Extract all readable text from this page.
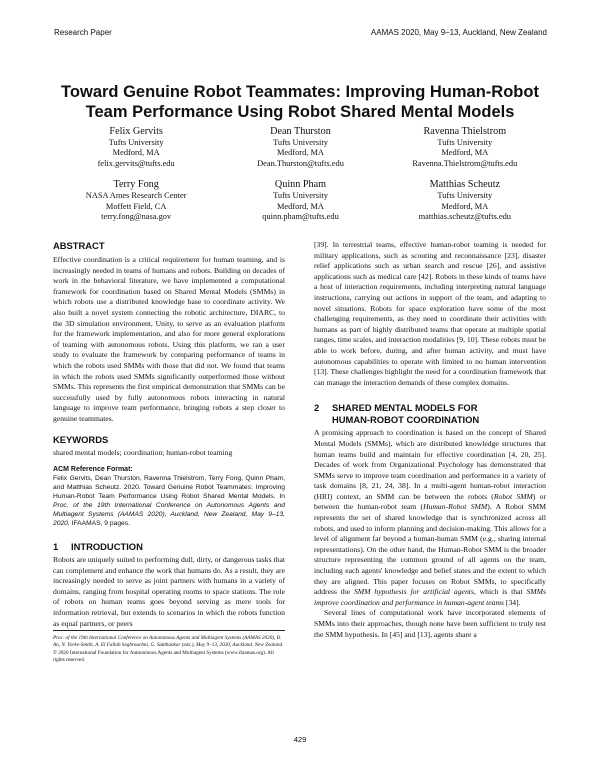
Research Paper	AAMAS 2020, May 9–13, Auckland, New Zealand
Toward Genuine Robot Teammates: Improving Human-Robot Team Performance Using Robot Shared Mental Models
Felix Gervits
Tufts University
Medford, MA
felix.gervits@tufts.edu
Dean Thurston
Tufts University
Medford, MA
Dean.Thurston@tufts.edu
Ravenna Thielstrom
Tufts University
Medford, MA
Ravenna.Thielstrom@tufts.edu
Terry Fong
NASA Ames Research Center
Moffett Field, CA
terry.fong@nasa.gov
Quinn Pham
Tufts University
Medford, MA
quinn.pham@tufts.edu
Matthias Scheutz
Tufts University
Medford, MA
matthias.scheutz@tufts.edu
ABSTRACT

Effective coordination is a critical requirement for human teaming, and is increasingly needed in teams of humans and robots. Building on decades of work in the behavioral literature, we have implemented a computational framework for coordination based on Shared Mental Models (SMMs) in which robots use a distributed knowledge base to coordinate activity. We also built a novel system connecting the robotic architecture, DIARC, to the 3D simulation environment, Unity, to serve as an evaluation platform for the framework implementation, and also for more general explorations of teaming with autonomous robots. Using this platform, we ran a user study to evaluate the framework by comparing performance of teams in which the robots used SMMs with those that did not. We found that teams in which the robots used SMMs significantly outperformed those without SMMs. This represents the first empirical demonstration that SMMs can be successfully used by fully autonomous robots interacting in natural language to improve team performance, bringing robots a step closer to genuine teammates.

KEYWORDS

shared mental models; coordination; human-robot teaming

ACM Reference Format:

Felix Gervits, Dean Thurston, Ravenna Thielstrom, Terry Fong, Quinn Pham, and Matthias Scheutz. 2020. Toward Genuine Robot Teammates: Improving Human-Robot Team Performance Using Robot Shared Mental Models. In Proc. of the 19th International Conference on Autonomous Agents and Multiagent Systems (AAMAS 2020), Auckland, New Zealand, May 9–13, 2020, IFAAMAS, 9 pages.

1 INTRODUCTION

Robots are uniquely suited to performing dull, dirty, or dangerous tasks that can complement and enhance the work that humans do. As a result, they are increasingly needed to serve as joint partners with humans in a variety of domains, ranging from hospital operating rooms to space stations. The role of robots on human teams goes beyond serving as mere tools for information retrieval, but extends to scenarios in which the robots function as equal partners, or peers

Proc. of the 19th International Conference on Autonomous Agents and Multiagent Systems (AAMAS 2020), B. An, N. Yorke-Smith, A. El Fallah Seghrouchni, G. Sukthankar (eds.), May 9–13, 2020, Auckland, New Zealand. © 2020 International Foundation for Autonomous Agents and Multiagent Systems (www.ifaamas.org). All rights reserved.

[39]. In terrestrial teams, effective human-robot teaming is needed for military applications, such as scouting and reconnaissance [23], disaster relief applications such as urban search and rescue [26], and assistive applications such as medical care [42]. Robots in these kinds of teams have a host of interaction requirements, including interpreting natural language instructions, carrying out actions in support of the team, and adapting to novel situations. Robots for space exploration have some of the most challenging requirements, as they need to coordinate their activities with humans as part of highly distributed teams that operate at multiple spatial ranges, time scales, and interaction modalities [9, 10]. These robots must be able to work before, during, and after human activity, and must have autonomous capabilities to operate with limited to no human intervention [13]. These challenges highlight the need for a coordination framework that can manage the interaction demands of these complex domains.

2 SHARED MENTAL MODELS FOR
HUMAN-ROBOT COORDINATION

A promising approach to coordination is based on the concept of Shared Mental Models (SMMs), which are distributed knowledge structures that human teams build and maintain for effective coordination [4, 20, 25]. Decades of work from Organizational Psychology has demonstrated that SMMs serve to improve team coordination and performance in a variety of task domains [8, 21, 24, 38]. In a multi-agent human-robot interaction (HRI) context, an SMM can be between the robots (Robot SMM) or between the human-robot team (Human-Robot SMM). A Robot SMM represents the set of shared knowledge that is synchronized across all robots, and used to inform planning and decision-making. This allows for a level of alignment far beyond a human-human SMM (e.g., sharing internal representations). On the other hand, the Human-Robot SMM is the broader structure representing the common ground of all agents on the team, including each agents' knowledge and belief states and the extent to which they are aligned. This paper focuses on Robot SMMs, to specifically address the SMM hypothesis for artificial agents, which is that SMMs improve coordination and performance in human-agent teams [34].

Several lines of computational work have incorporated elements of SMMs into their approaches, though none have been sufficient to truly test the SMM hypothesis. In [45] and [13], agents share a

429
